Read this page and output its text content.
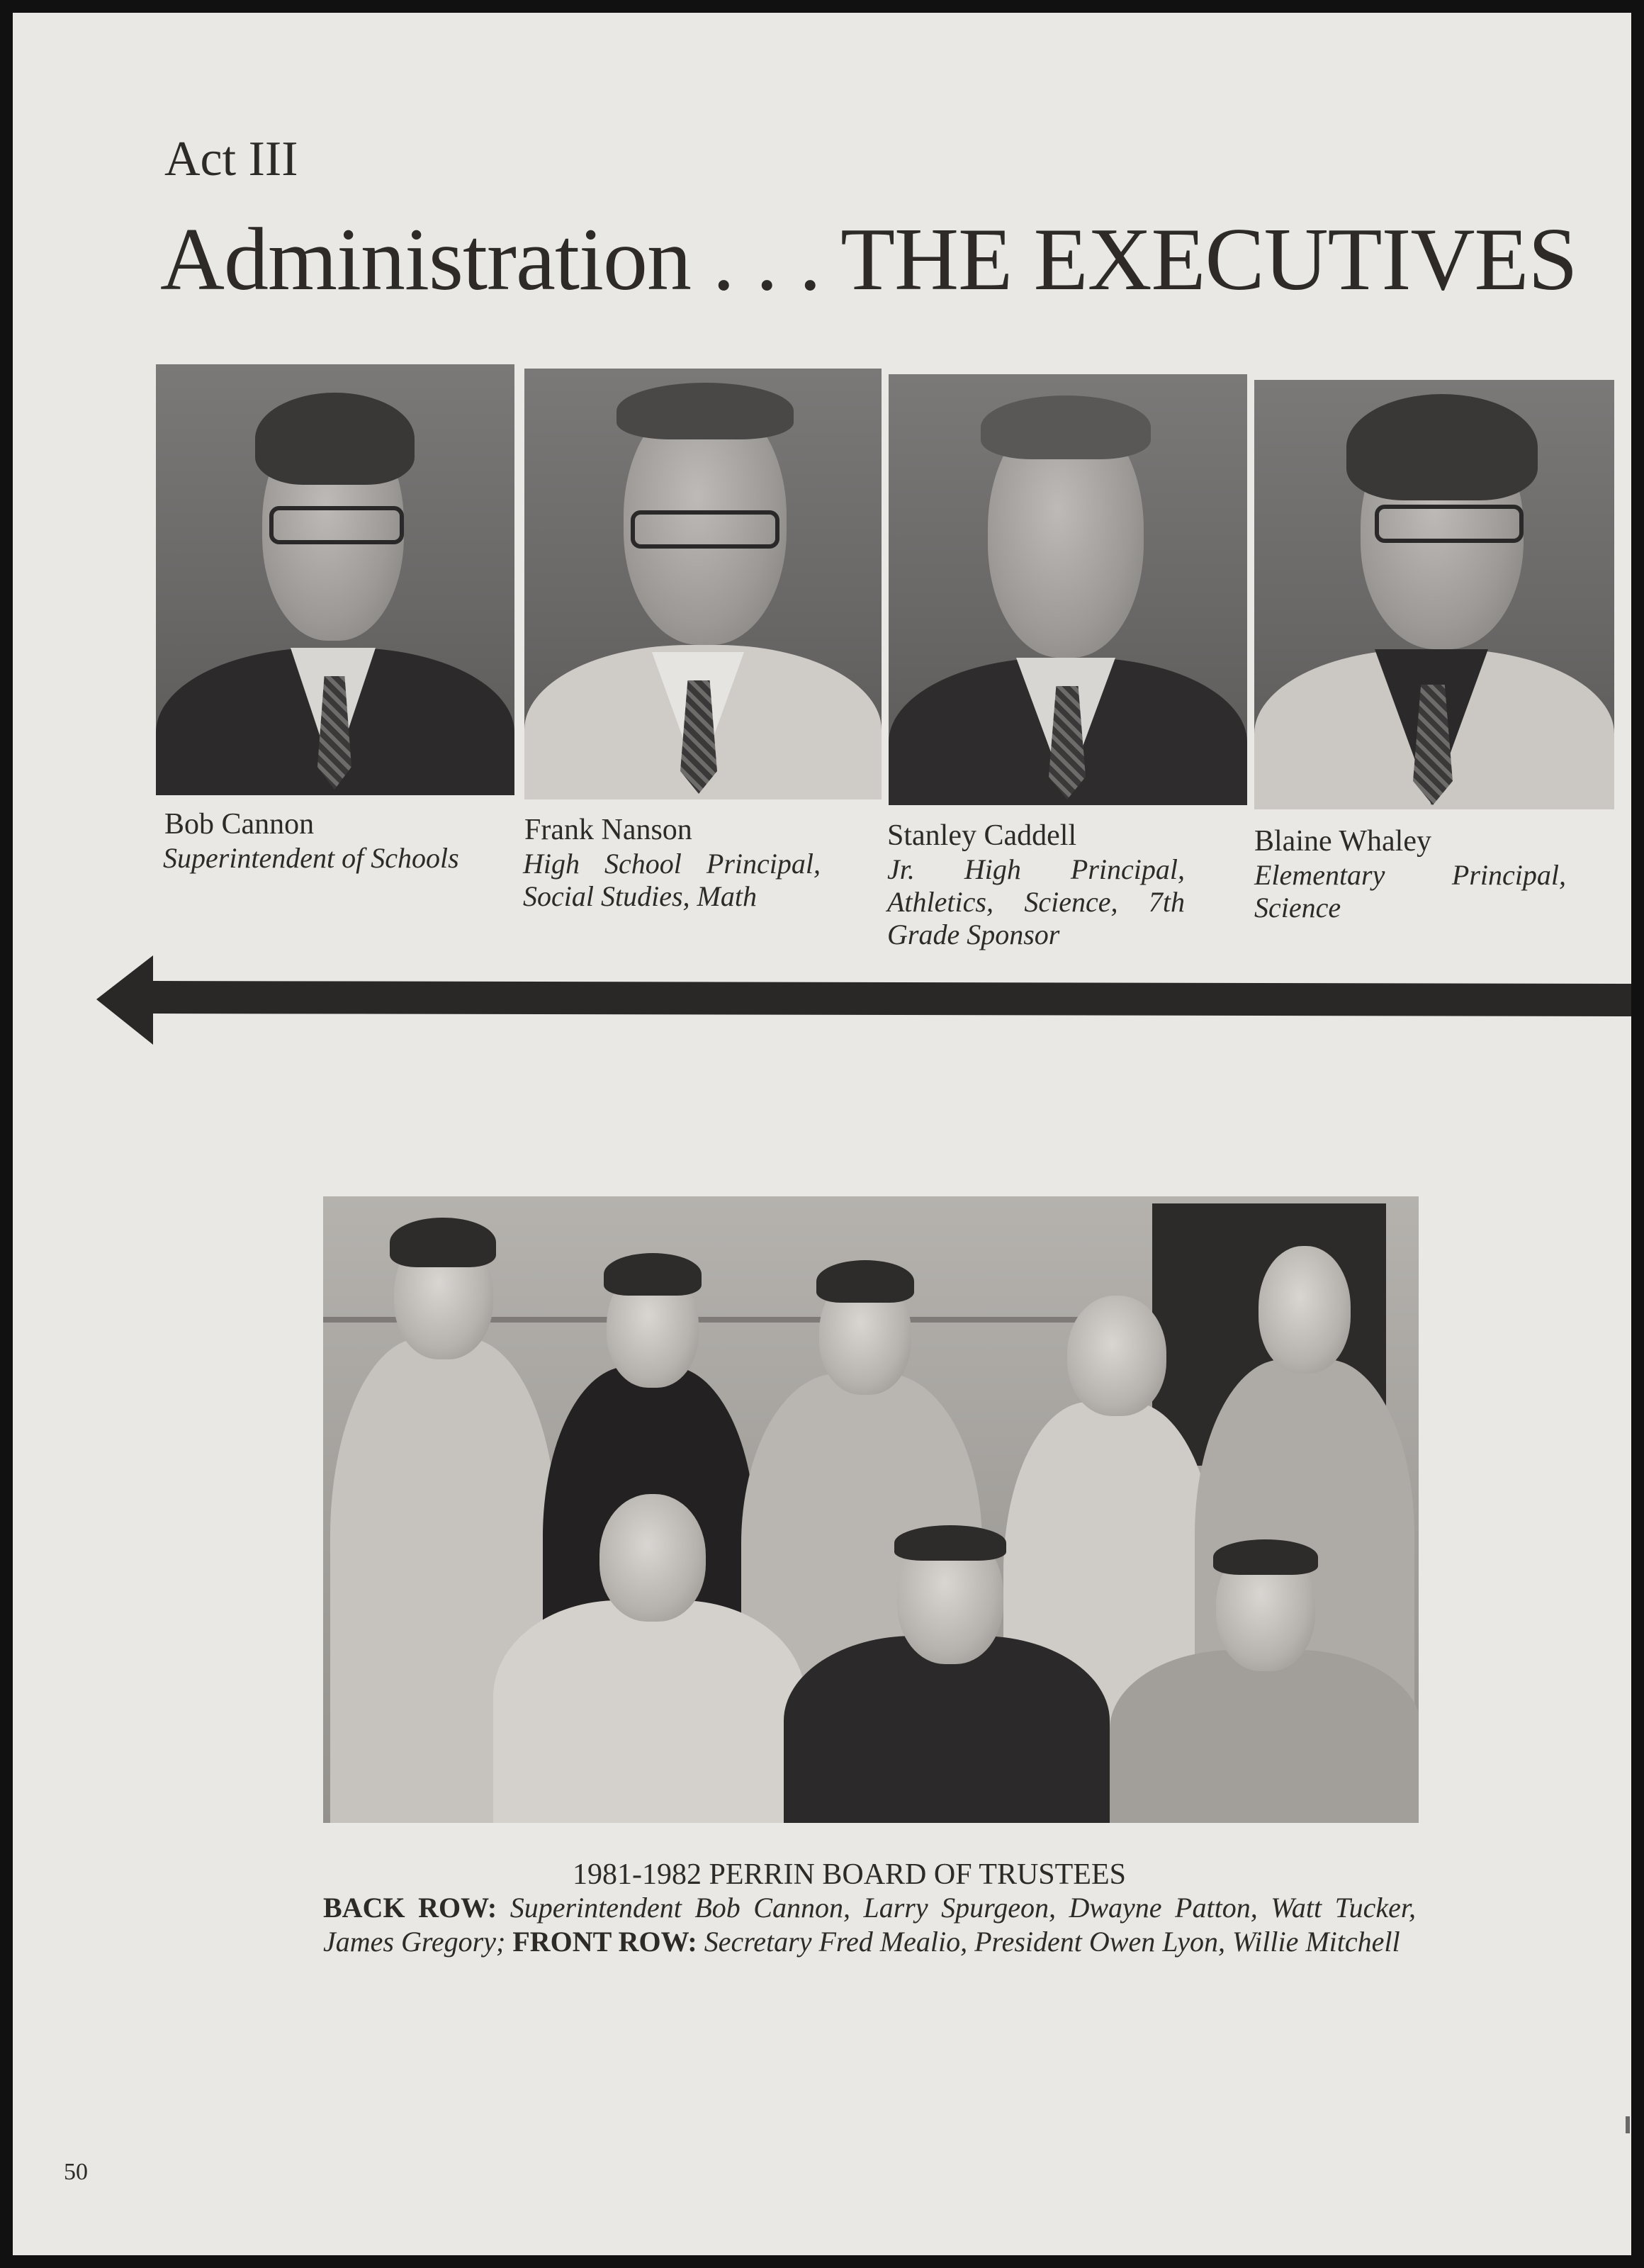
Act III
Administration . . . THE EXECUTIVES
Bob Cannon
Superintendent of Schools
Frank Nanson
High School Principal, Social Studies, Math
Stanley Caddell
Jr. High Principal, Athletics, Science, 7th Grade Sponsor
Blaine Whaley
Elementary Principal, Science
1981-1982 PERRIN BOARD OF TRUSTEES
BACK ROW: Superintendent Bob Cannon, Larry Spurgeon, Dwayne Patton, Watt Tucker, James Gregory; FRONT ROW: Secretary Fred Mealio, President Owen Lyon, Willie Mitchell
50
